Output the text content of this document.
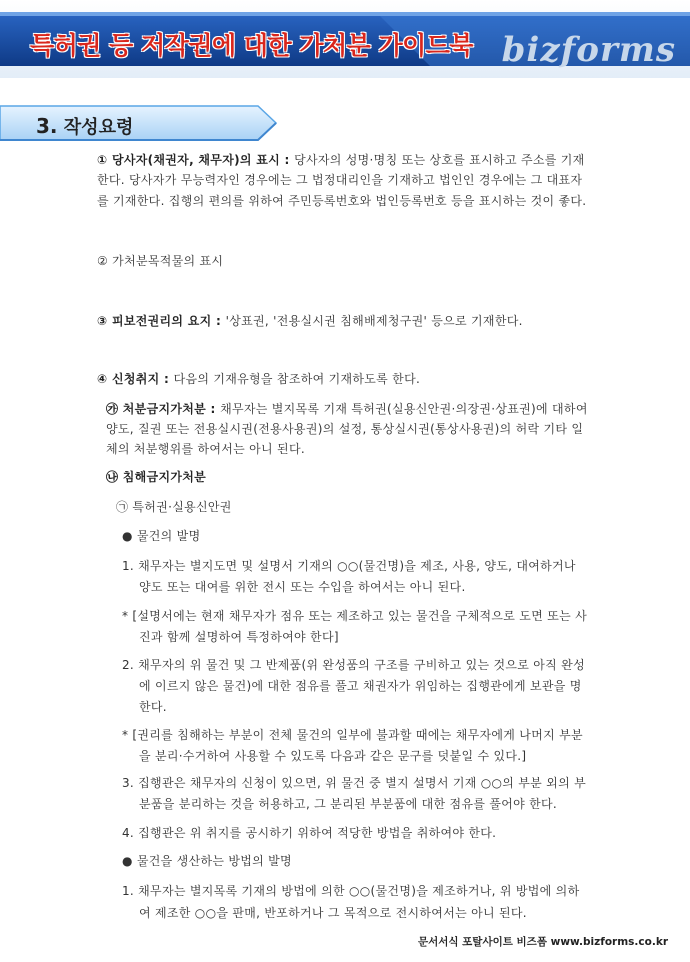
특허권 등 저작권에 대한 가처분 가이드북 bizforms
3. 작성요령
① 당사자(채권자, 채무자)의 표시 : 당사자의 성명·명칭 또는 상호를 표시하고 주소를 기재
한다. 당사자가 무능력자인 경우에는 그 법정대리인을 기재하고 법인인 경우에는 그 대표자
를 기재한다. 집행의 편의를 위하여 주민등록번호와 법인등록번호 등을 표시하는 것이 좋다.
② 가처분목적물의 표시
③ 피보전권리의 요지 : '상표권, '전용실시권 침해배제청구권' 등으로 기재한다.
④ 신청취지 : 다음의 기재유형을 참조하여 기재하도록 한다.
㉮ 처분금지가처분 : 채무자는 별지목록 기재 특허권(실용신안권·의장권·상표권)에 대하여
양도, 질권 또는 전용실시권(전용사용권)의 설정, 통상실시권(통상사용권)의 허락 기타 일
체의 처분행위를 하여서는 아니 된다.
㉯ 침해금지가처분
㉠ 특허권·실용신안권
● 물건의 발명
1. 채무자는 별지도면 및 설명서 기재의 ○○(물건명)을 제조, 사용, 양도, 대여하거나
양도 또는 대여를 위한 전시 또는 수입을 하여서는 아니 된다.
* [설명서에는 현재 채무자가 점유 또는 제조하고 있는 물건을 구체적으로 도면 또는 사
진과 함께 설명하여 특정하여야 한다]
2. 채무자의 위 물건 및 그 반제품(위 완성품의 구조를 구비하고 있는 것으로 아직 완성
에 이르지 않은 물건)에 대한 점유를 풀고 채권자가 위임하는 집행관에게 보관을 명
한다.
* [권리를 침해하는 부분이 전체 물건의 일부에 불과할 때에는 채무자에게 나머지 부분
을 분리·수거하여 사용할 수 있도록 다음과 같은 문구를 덧붙일 수 있다.]
3. 집행관은 채무자의 신청이 있으면, 위 물건 중 별지 설명서 기재 ○○의 부분 외의 부
분품을 분리하는 것을 허용하고, 그 분리된 부분품에 대한 점유를 풀어야 한다.
4. 집행관은 위 취지를 공시하기 위하여 적당한 방법을 취하여야 한다.
● 물건을 생산하는 방법의 발명
1. 채무자는 별지목록 기재의 방법에 의한 ○○(물건명)을 제조하거나, 위 방법에 의하
여 제조한 ○○을 판매, 반포하거나 그 목적으로 전시하여서는 아니 된다.
문서서식 포탈사이트 비즈폼 www.bizforms.co.kr
